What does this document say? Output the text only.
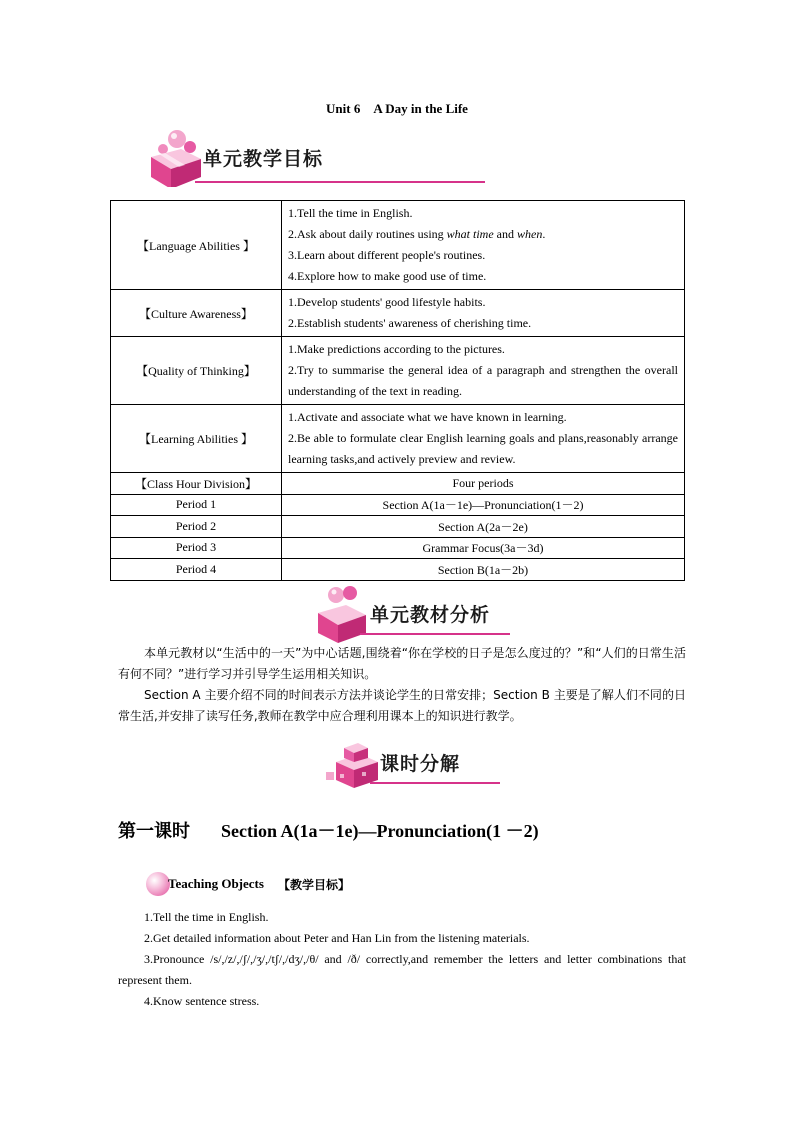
Unit 6　A Day in the Life
单元教学目标
【Language Abilities 】	1.Tell the time in English.
2.Ask about daily routines using what time and when.
3.Learn about different people's routines.
4.Explore how to make good use of time.

【Culture Awareness】	1.Develop students' good lifestyle habits.
2.Establish students' awareness of cherishing time.

【Quality of Thinking】	1.Make predictions according to the pictures.
2.Try to summarise the general idea of a paragraph and strengthen the overall understanding of the text in reading.

【Learning Abilities 】	1.Activate and associate what we have known in learning.
2.Be able to formulate clear English learning goals and plans,reasonably arrange learning tasks,and actively preview and review.

【Class Hour Division】	Four periods
Period 1	Section A(1a－1e)—Pronunciation(1－2)
Period 2	Section A(2a－2e)
Period 3	Grammar Focus(3a－3d)
Period 4	Section B(1a－2b)
单元教材分析

本单元教材以“生活中的一天”为中心话题,围绕着“你在学校的日子是怎么度过的？”和“人们的日常生活有何不同？”进行学习并引导学生运用相关知识。

Section A 主要介绍不同的时间表示方法并谈论学生的日常安排；Section B 主要是了解人们不同的日常生活,并安排了读写任务,教师在教学中应合理利用课本上的知识进行教学。

课时分解
第一课时 Section A(1a－1e)—Pronunciation(1 －2)
Teaching Objects 【教学目标】
1.Tell the time in English.
2.Get detailed information about Peter and Han Lin from the listening materials.
3.Pronounce /s/,/z/,/ʃ/,/ʒ/,/tʃ/,/dʒ/,/θ/ and /ð/ correctly,and remember the letters and letter combinations that represent them.
4.Know sentence stress.
